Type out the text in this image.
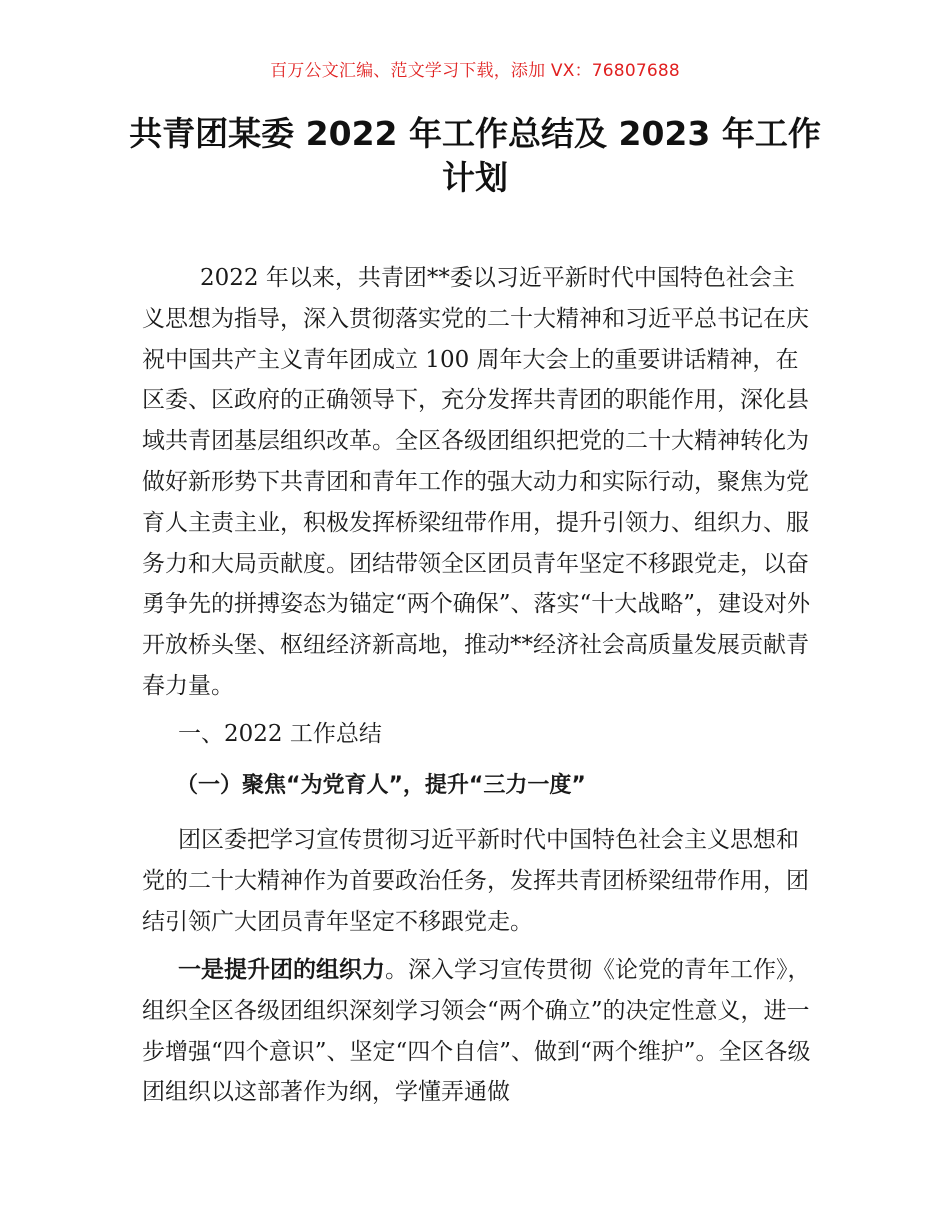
百万公文汇编、范文学习下载，添加 VX：76807688
共青团某委 2022 年工作总结及 2023 年工作计划

2022 年以来，共青团**委以习近平新时代中国特色社会主义思想为指导，深入贯彻落实党的二十大精神和习近平总书记在庆祝中国共产主义青年团成立 100 周年大会上的重要讲话精神，在区委、区政府的正确领导下，充分发挥共青团的职能作用，深化县域共青团基层组织改革。全区各级团组织把党的二十大精神转化为做好新形势下共青团和青年工作的强大动力和实际行动，聚焦为党育人主责主业，积极发挥桥梁纽带作用，提升引领力、组织力、服务力和大局贡献度。团结带领全区团员青年坚定不移跟党走，以奋勇争先的拼搏姿态为锚定“两个确保”、落实“十大战略”，建设对外开放桥头堡、枢纽经济新高地，推动**经济社会高质量发展贡献青春力量。

一、2022 工作总结
（一）聚焦“为党育人”，提升“三力一度”

团区委把学习宣传贯彻习近平新时代中国特色社会主义思想和党的二十大精神作为首要政治任务，发挥共青团桥梁纽带作用，团结引领广大团员青年坚定不移跟党走。

一是提升团的组织力。深入学习宣传贯彻《论党的青年工作》，组织全区各级团组织深刻学习领会“两个确立”的决定性意义，进一步增强“四个意识”、坚定“四个自信”、做到“两个维护”。全区各级团组织以这部著作为纲，学懂弄通做
